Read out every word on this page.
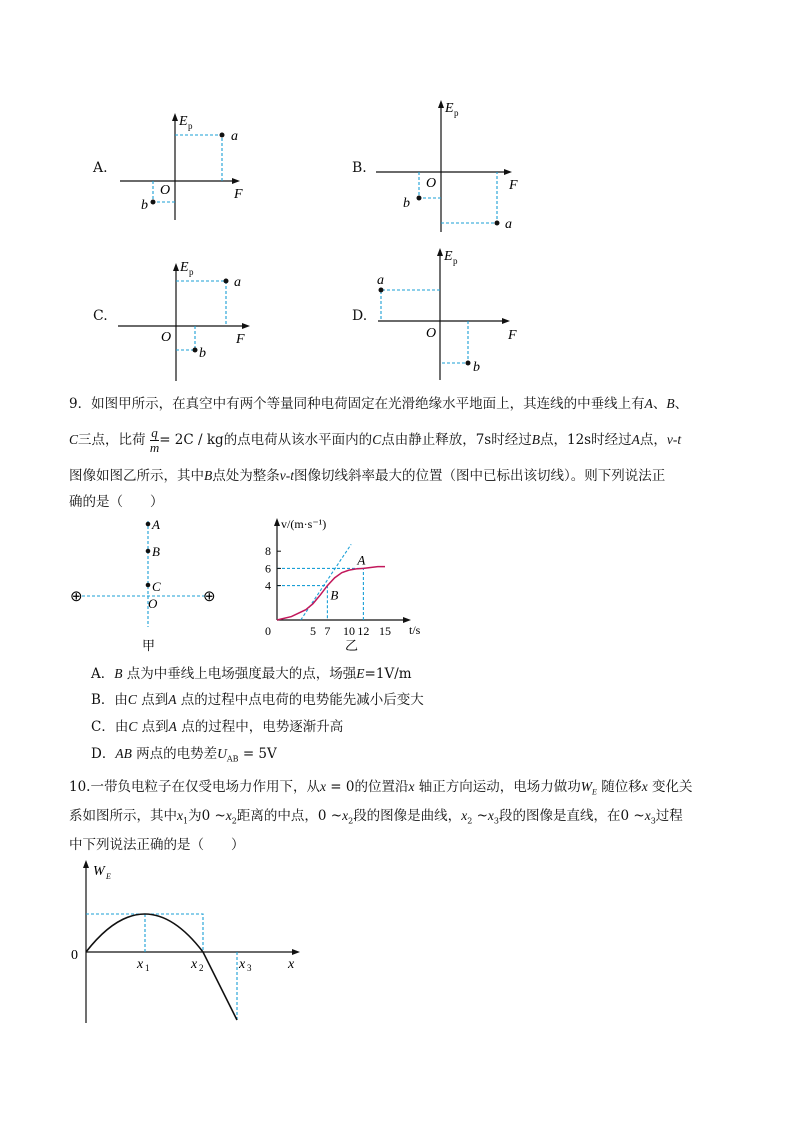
A.
E p
a
O	F
b
B.
E p
O	F
b
a
C.
E p
a
O	F
b
D.
E p
a
O	F
b
9．如图甲所示，在真空中有两个等量同种电荷固定在光滑绝缘水平地面上，其连线的中垂线上有A、B、
C三点，比荷 $\frac{q}{m} = 2C$ / kg的点电荷从该水平面内的C点由静止释放，7s时经过B点，12s时经过A点，v-t
图像如图乙所示，其中B点处为整条v-t图像切线斜率最大的位置（图中已标出该切线）。则下列说法正
确的是（　　）
A
B
C
O
⊕	⊕
甲
A
B
4
6
8
0	5 7 10 12 15
v/(m·s⁻¹)
t/s
乙
A．B 点为中垂线上电场强度最大的点，场强E=1V/m
B．由C 点到A 点的过程中点电荷的电势能先减小后变大
C．由C 点到A 点的过程中，电势逐渐升高
D．AB 两点的电势差$U_{AB} = 5V$
10.一带负电粒子在仅受电场力作用下，从x = 0的位置沿x 轴正方向运动，电场力做功$W_E$ 随位移x 变化关
系如图所示，其中$x_1$为0 $\sim x_2$距离的中点，0 $\sim x_2$段的图像是曲线，$x_2$ $\sim x_3$段的图像是直线，在0 $\sim x_3$过程
中下列说法正确的是（　　）
W E
0
x 1	x 2	x 3	x
